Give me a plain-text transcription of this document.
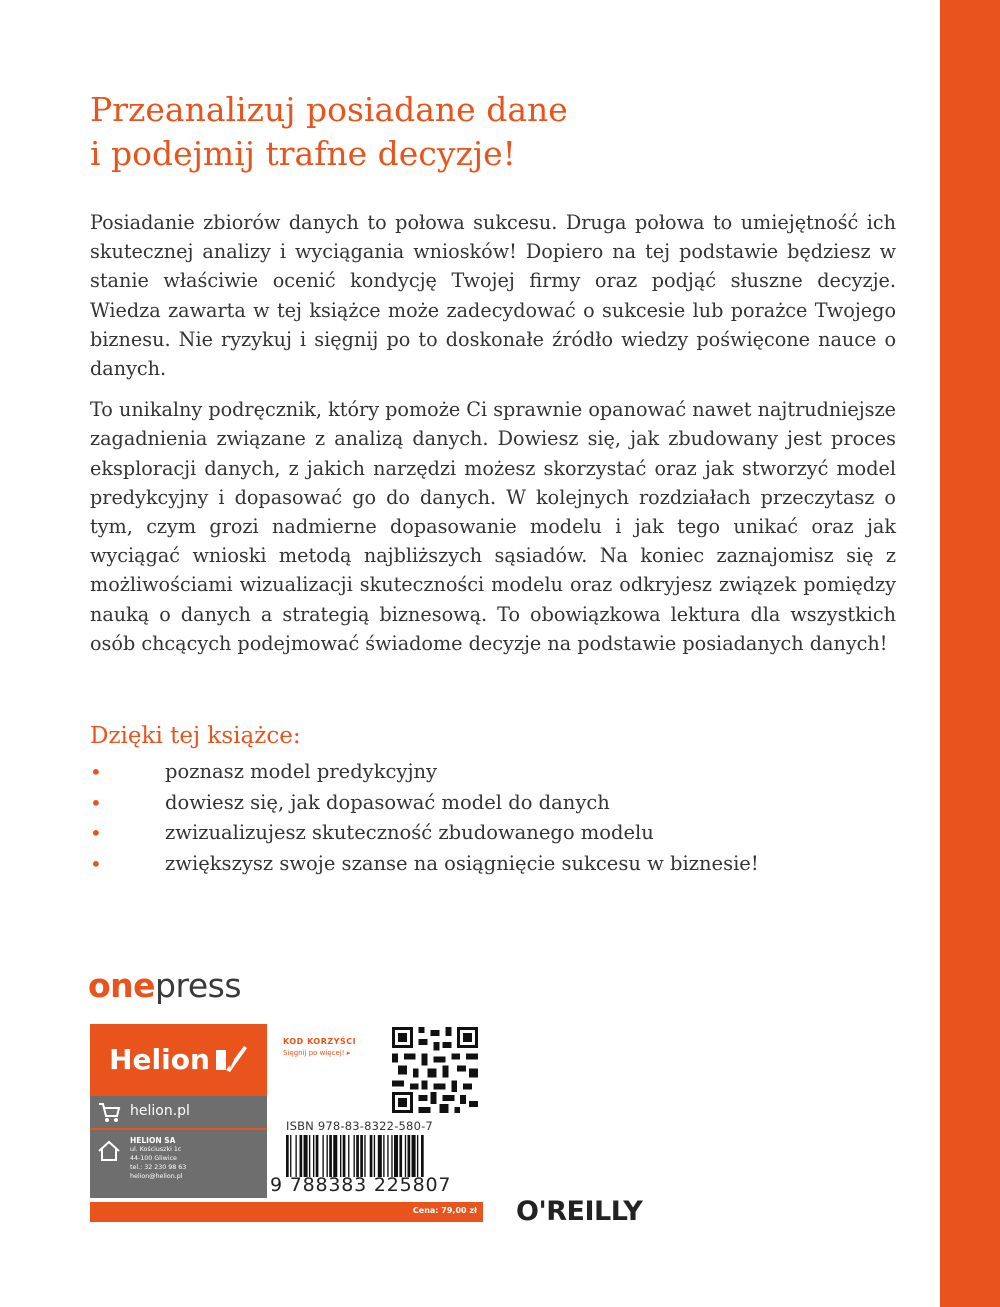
Przeanalizuj posiadane dane
i podejmij trafne decyzje!

Posiadanie zbiorów danych to połowa sukcesu. Druga połowa to umiejętność ich skutecznej analizy i wyciągania wniosków! Dopiero na tej podstawie będziesz w stanie właściwie ocenić kondycję Twojej firmy oraz podjąć słuszne decyzje. Wiedza zawarta w tej książce może zadecydować o sukcesie lub porażce Twojego biznesu. Nie ryzykuj i sięgnij po to doskonałe źródło wiedzy poświęcone nauce o danych.

To unikalny podręcznik, który pomoże Ci sprawnie opanować nawet najtrudniejsze zagadnienia związane z analizą danych. Dowiesz się, jak zbudowany jest proces eksploracji danych, z jakich narzędzi możesz skorzystać oraz jak stworzyć model predykcyjny i dopasować go do danych. W kolejnych rozdziałach przeczytasz o tym, czym grozi nadmierne dopasowanie modelu i jak tego unikać oraz jak wyciągać wnioski metodą najbliższych sąsiadów. Na koniec zaznajomisz się z możliwościami wizualizacji skuteczności modelu oraz odkryjesz związek pomiędzy nauką o danych a strategią biznesową. To obowiązkowa lektura dla wszystkich osób chcących podejmować świadome decyzje na podstawie posiadanych danych!

Dzięki tej książce:
•	poznasz model predykcyjny
•	dowiesz się, jak dopasować model do danych
•	zwizualizujesz skuteczność zbudowanego modelu
•	zwiększysz swoje szanse na osiągnięcie sukcesu w biznesie!
onepress
Helion
helion.pl
HELION SA
ul. Kościuszki 1c
44-100 Gliwice
tel.: 32 230 98 63
helion@helion.pl
KOD KORZYŚCI
Sięgnij po więcej! ▸
ISBN 978-83-8322-580-7
9 788383 225807
Cena: 79,00 zł O'REILLY
